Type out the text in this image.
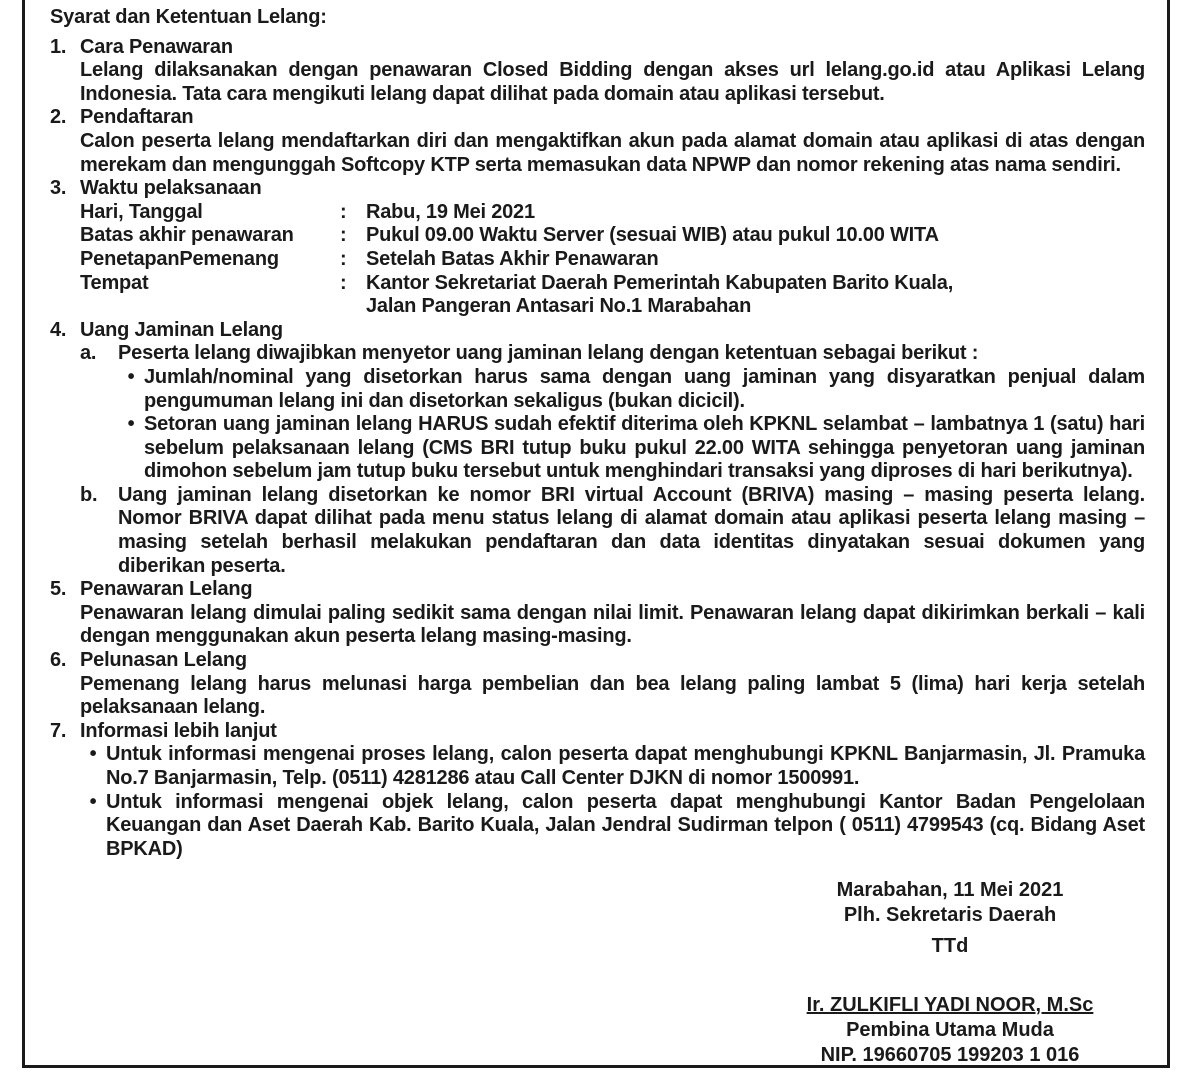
Syarat dan Ketentuan Lelang:
1. Cara Penawaran
Lelang dilaksanakan dengan penawaran Closed Bidding dengan akses url lelang.go.id atau Aplikasi Lelang Indonesia. Tata cara mengikuti lelang dapat dilihat pada domain atau aplikasi tersebut.
2. Pendaftaran
Calon peserta lelang mendaftarkan diri dan mengaktifkan akun pada alamat domain atau aplikasi di atas dengan merekam dan mengunggah Softcopy KTP serta memasukan data NPWP dan nomor rekening atas nama sendiri.
3. Waktu pelaksanaan
Hari, Tanggal	: Rabu, 19 Mei 2021
Batas akhir penawaran	: Pukul 09.00 Waktu Server (sesuai WIB) atau pukul 10.00 WITA
PenetapanPemenang	: Setelah Batas Akhir Penawaran
Tempat	: Kantor Sekretariat Daerah Pemerintah Kabupaten Barito Kuala,
Jalan Pangeran Antasari No.1 Marabahan
4. Uang Jaminan Lelang
a.	Peserta lelang diwajibkan menyetor uang jaminan lelang dengan ketentuan sebagai berikut :
• Jumlah/nominal yang disetorkan harus sama dengan uang jaminan yang disyaratkan penjual dalam pengumuman lelang ini dan disetorkan sekaligus (bukan dicicil).
• Setoran uang jaminan lelang HARUS sudah efektif diterima oleh KPKNL selambat – lambatnya 1 (satu) hari sebelum pelaksanaan lelang (CMS BRI tutup buku pukul 22.00 WITA sehingga penyetoran uang jaminan dimohon sebelum jam tutup buku tersebut untuk menghindari transaksi yang diproses di hari berikutnya).
b.	Uang jaminan lelang disetorkan ke nomor BRI virtual Account (BRIVA) masing – masing peserta lelang. Nomor BRIVA dapat dilihat pada menu status lelang di alamat domain atau aplikasi peserta lelang masing – masing setelah berhasil melakukan pendaftaran dan data identitas dinyatakan sesuai dokumen yang diberikan peserta.
5. Penawaran Lelang
Penawaran lelang dimulai paling sedikit sama dengan nilai limit. Penawaran lelang dapat dikirimkan berkali – kali dengan menggunakan akun peserta lelang masing-masing.
6. Pelunasan Lelang
Pemenang lelang harus melunasi harga pembelian dan bea lelang paling lambat 5 (lima) hari kerja setelah pelaksanaan lelang.
7. Informasi lebih lanjut
• Untuk informasi mengenai proses lelang, calon peserta dapat menghubungi KPKNL Banjarmasin, Jl. Pramuka No.7 Banjarmasin, Telp. (0511) 4281286 atau Call Center DJKN di nomor 1500991.
• Untuk informasi mengenai objek lelang, calon peserta dapat menghubungi Kantor Badan Pengelolaan Keuangan dan Aset Daerah Kab. Barito Kuala, Jalan Jendral Sudirman telpon ( 0511) 4799543 (cq. Bidang Aset BPKAD)
Marabahan, 11 Mei 2021
Plh. Sekretaris Daerah
TTd
Ir. ZULKIFLI YADI NOOR, M.Sc
Pembina Utama Muda
NIP. 19660705 199203 1 016
